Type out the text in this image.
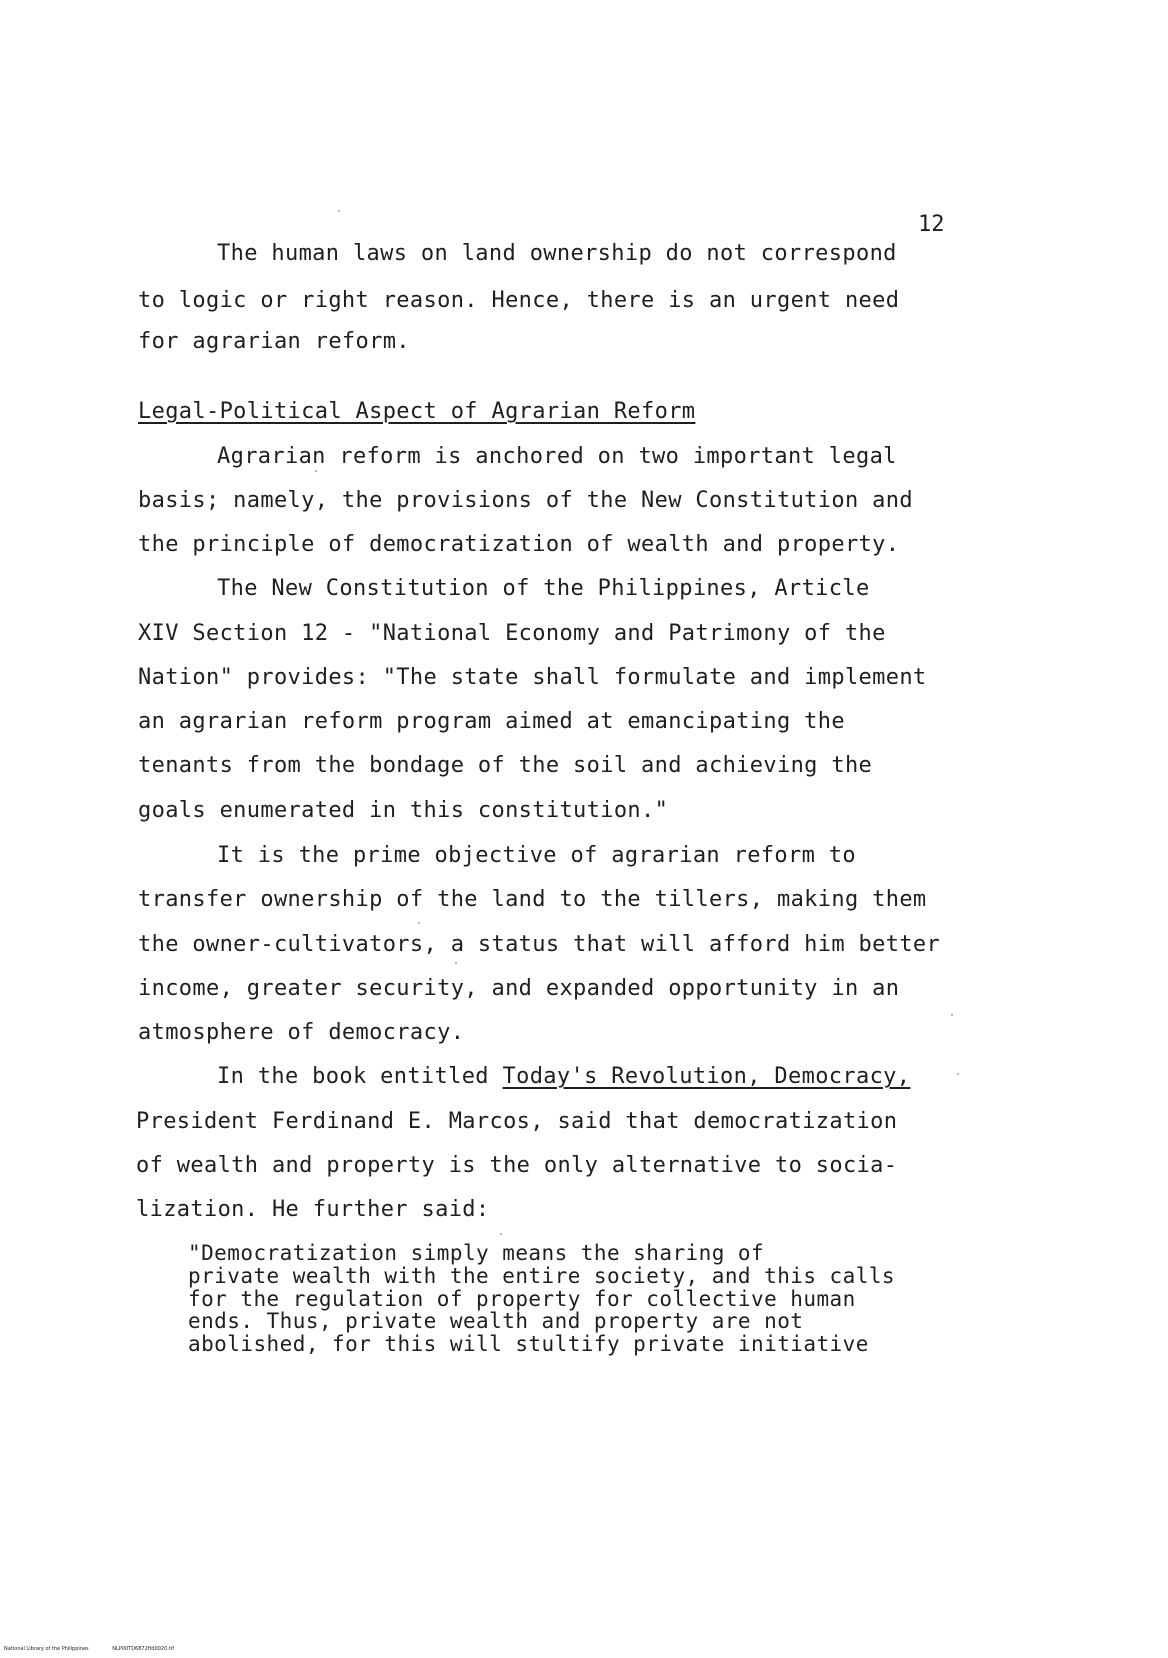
12
The human laws on land ownership do not correspond
to logic or right reason. Hence, there is an urgent need
for agrarian reform.
Legal-Political Aspect of Agrarian Reform
Agrarian reform is anchored on two important legal
basis; namely, the provisions of the New Constitution and
the principle of democratization of wealth and property.
The New Constitution of the Philippines, Article
XIV Section 12 - "National Economy and Patrimony of the
Nation" provides: "The state shall formulate and implement
an agrarian reform program aimed at emancipating the
tenants from the bondage of the soil and achieving the
goals enumerated in this constitution."
It is the prime objective of agrarian reform to
transfer ownership of the land to the tillers, making them
the owner-cultivators, a status that will afford him better
income, greater security, and expanded opportunity in an
atmosphere of democracy.
In the book entitled Today's Revolution, Democracy,
President Ferdinand E. Marcos, said that democratization
of wealth and property is the only alternative to socia-
lization. He further said:
"Democratization simply means the sharing of
private wealth with the entire society, and this calls
for the regulation of property for collective human
ends. Thus, private wealth and property are not
abolished, for this will stultify private initiative
National Library of the Philippines	NLP00TD6872ftd0020.tif
